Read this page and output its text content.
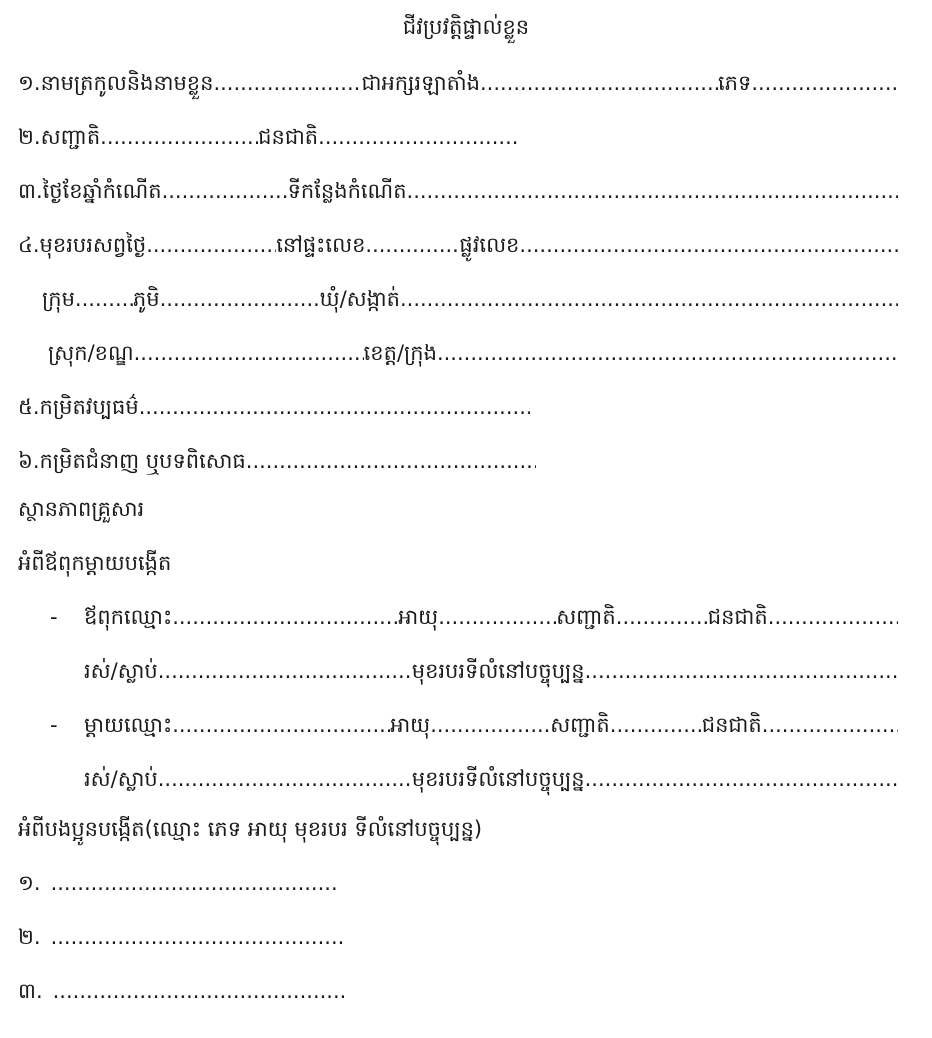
ជីវប្រវត្តិផ្ទាល់ខ្លួន
១.នាមត្រកូលនិងនាមខ្លួន .....	ជាអក្សរឡាតាំង .....	ភេទ
.....
២.សញ្ជាតិ .....	ជនជាតិ
.....
៣.ថ្ងៃខែឆ្នាំកំណើត .....	ទីកន្លែងកំណើត
.....
៤.មុខរបរសព្វថ្ងៃ .....	នៅផ្ទះលេខ .....	ផ្លូវលេខ
.....
ក្រុម .....	ភូមិ .....	ឃុំ/សង្កាត់
.....
ស្រុក/ខណ្ឌ .....	ខេត្ត/ក្រុង
.....
៥.កម្រិតវប្បធម៌
.....
៦.កម្រិតជំនាញ ឬបទពិសោធ
.....
ស្ថានភាពគ្រួសារ
អំពីឪពុកម្ដាយបង្កើត
-	ឪពុកឈ្មោះ .....	អាយុ .....	សញ្ជាតិ .....	ជនជាតិ
.....
រស់/ស្លាប់ .....	មុខរបរទីលំនៅបច្ចុប្បន្ន
.....
-	ម្ដាយឈ្មោះ .....	អាយុ .....	សញ្ជាតិ .....	ជនជាតិ
.....
រស់/ស្លាប់ .....	មុខរបរទីលំនៅបច្ចុប្បន្ន
.....
អំពីបងប្អូនបង្កើត(ឈ្មោះ ភេទ អាយុ មុខរបរ ទីលំនៅបច្ចុប្បន្ន)
១.
.....
២.
.....
៣.
.....
